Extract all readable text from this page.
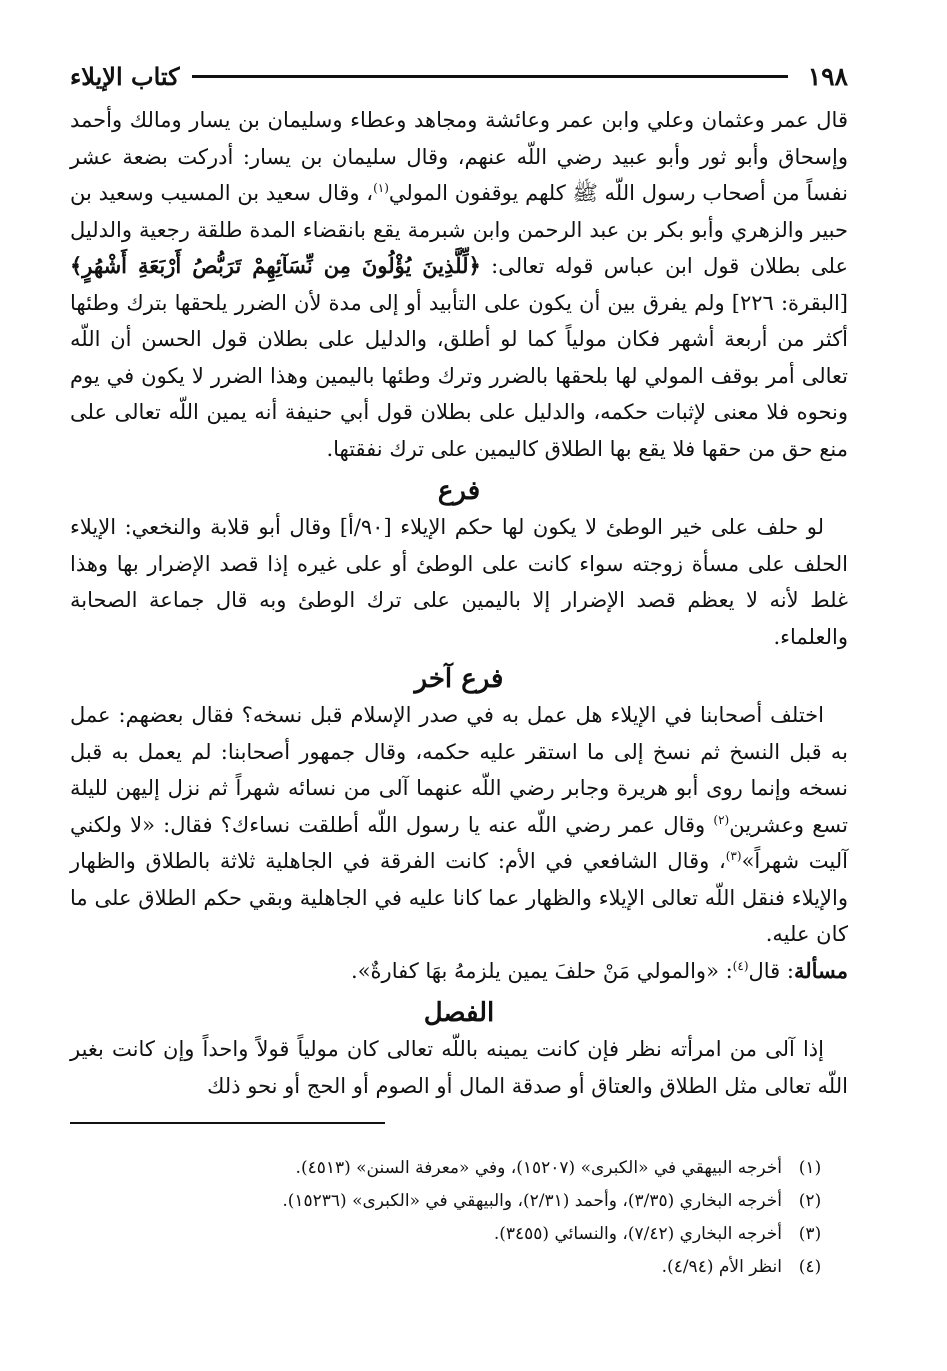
١٩٨
كتاب الإيلاء

قال عمر وعثمان وعلي وابن عمر وعائشة ومجاهد وعطاء وسليمان بن يسار ومالك وأحمد وإسحاق وأبو ثور وأبو عبيد رضي اللّه عنهم، وقال سليمان بن يسار: أدركت بضعة عشر نفساً من أصحاب رسول اللّه ﷺ كلهم يوقفون المولي$^{(١)}$، وقال سعيد بن المسيب وسعيد بن حبير والزهري وأبو بكر بن عبد الرحمن وابن شبرمة يقع بانقضاء المدة طلقة رجعية والدليل على بطلان قول ابن عباس قوله تعالى: ﴿لِّلَّذِينَ يُؤْلُونَ مِن نِّسَآئِهِمْ تَرَبُّصُ أَرْبَعَةِ أَشْهُرٍ﴾ [البقرة: ٢٢٦] ولم يفرق بين أن يكون على التأبيد أو إلى مدة لأن الضرر يلحقها بترك وطئها أكثر من أربعة أشهر فكان مولياً كما لو أطلق، والدليل على بطلان قول الحسن أن اللّه تعالى أمر بوقف المولي لها بلحقها بالضرر وترك وطئها باليمين وهذا الضرر لا يكون في يوم ونحوه فلا معنى لإثبات حكمه، والدليل على بطلان قول أبي حنيفة أنه يمين اللّه تعالى على منع حق من حقها فلا يقع بها الطلاق كاليمين على ترك نفقتها.

فرع

لو حلف على خير الوطئ لا يكون لها حكم الإيلاء [٩٠/أ] وقال أبو قلابة والنخعي: الإيلاء الحلف على مسأة زوجته سواء كانت على الوطئ أو على غيره إذا قصد الإضرار بها وهذا غلط لأنه لا يعظم قصد الإضرار إلا باليمين على ترك الوطئ وبه قال جماعة الصحابة والعلماء.

فرع آخر

اختلف أصحابنا في الإيلاء هل عمل به في صدر الإسلام قبل نسخه؟ فقال بعضهم: عمل به قبل النسخ ثم نسخ إلى ما استقر عليه حكمه، وقال جمهور أصحابنا: لم يعمل به قبل نسخه وإنما روى أبو هريرة وجابر رضي اللّه عنهما آلى من نسائه شهراً ثم نزل إليهن لليلة تسع وعشرين$^{(٢)}$ وقال عمر رضي اللّه عنه يا رسول اللّه أطلقت نساءك؟ فقال: «لا ولكني آليت شهراً»$^{(٣)}$، وقال الشافعي في الأم: كانت الفرقة في الجاهلية ثلاثة بالطلاق والظهار والإيلاء فنقل اللّه تعالى الإيلاء والظهار عما كانا عليه في الجاهلية وبقي حكم الطلاق على ما كان عليه.

مسألة: قال$^{(٤)}$: «والمولي مَنْ حلفَ يمين يلزمهُ بهَا كفارةٌ».

الفصل

إذا آلى من امرأته نظر فإن كانت يمينه باللّه تعالى كان مولياً قولاً واحداً وإن كانت بغير اللّه تعالى مثل الطلاق والعتاق أو صدقة المال أو الصوم أو الحج أو نحو ذلك

(١)
أخرجه البيهقي في «الكبرى» (١٥٢٠٧)، وفي «معرفة السنن» (٤٥١٣).
(٢)
أخرجه البخاري (٣/٣٥)، وأحمد (٢/٣١)، والبيهقي في «الكبرى» (١٥٢٣٦).
(٣)
أخرجه البخاري (٧/٤٢)، والنسائي (٣٤٥٥).
(٤)
انظر الأم (٤/٩٤).
